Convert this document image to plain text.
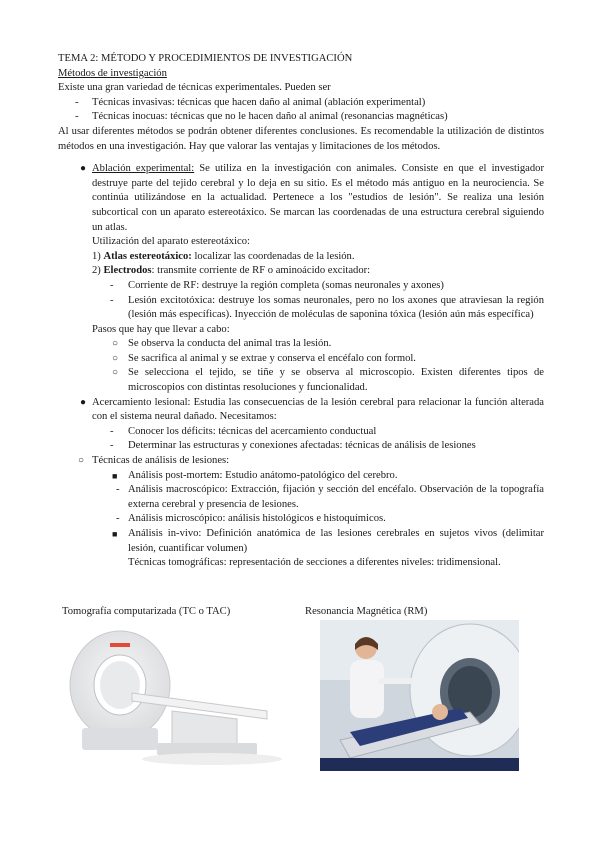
TEMA 2: MÉTODO Y PROCEDIMIENTOS DE INVESTIGACIÓN
Métodos de investigación
Existe una gran variedad de técnicas experimentales. Pueden ser
- Técnicas invasivas: técnicas que hacen daño al animal (ablación experimental)
- Técnicas inocuas: técnicas que no le hacen daño al animal (resonancias magnéticas)
Al usar diferentes métodos se podrán obtener diferentes conclusiones. Es recomendable la utilización de distintos métodos en una investigación. Hay que valorar las ventajas y limitaciones de los métodos.
● Ablación experimental: Se utiliza en la investigación con animales. Consiste en que el investigador destruye parte del tejido cerebral y lo deja en su sitio. Es el método más antiguo en la neurociencia. Se continúa utilizándose en la actualidad. Pertenece a los "estudios de lesión". Se realiza una lesión subcortical con un aparato estereotáxico. Se marcan las coordenadas de una estructura cerebral siguiendo un atlas.
Utilización del aparato estereotáxico:
1) Atlas estereotáxico: localizar las coordenadas de la lesión.
2) Electrodos: transmite corriente de RF o aminoácido excitador:
- Corriente de RF: destruye la región completa (somas neuronales y axones)
- Lesión excitotóxica: destruye los somas neuronales, pero no los axones que atraviesan la región (lesión más específicas). Inyección de moléculas de saponina tóxica (lesión aún más específica)
Pasos que hay que llevar a cabo:
○ Se observa la conducta del animal tras la lesión.
○ Se sacrifica al animal y se extrae y conserva el encéfalo con formol.
○ Se selecciona el tejido, se tiñe y se observa al microscopio. Existen diferentes tipos de microscopios con distintas resoluciones y funcionalidad.
● Acercamiento lesional: Estudia las consecuencias de la lesión cerebral para relacionar la función alterada con el sistema neural dañado. Necesitamos:
- Conocer los déficits: técnicas del acercamiento conductual
- Determinar las estructuras y conexiones afectadas: técnicas de análisis de lesiones
○ Técnicas de análisis de lesiones:
■ Análisis post-mortem: Estudio anátomo-patológico del cerebro.
- Análisis macroscópico: Extracción, fijación y sección del encéfalo. Observación de la topografía externa cerebral y presencia de lesiones.
- Análisis microscópico: análisis histológicos e histoquímicos.
■ Análisis in-vivo: Definición anatómica de las lesiones cerebrales en sujetos vivos (delimitar lesión, cuantificar volumen)
Técnicas tomográficas: representación de secciones a diferentes niveles: tridimensional.
Tomografía computarizada (TC o TAC)	Resonancia Magnética (RM)
